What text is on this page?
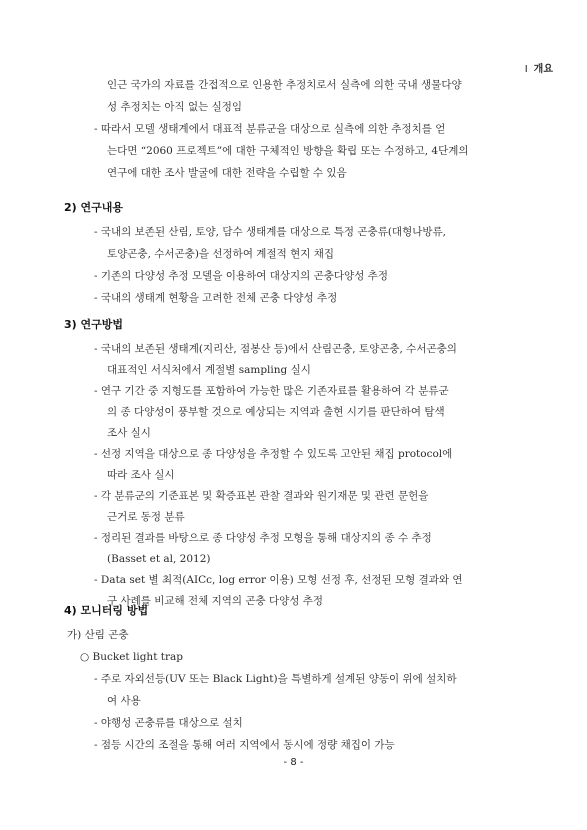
I 개요
인근 국가의 자료를 간접적으로 인용한 추정치로서 실측에 의한 국내 생물다양
성 추정치는 아직 없는 실정임
- 따라서 모델 생태계에서 대표적 분류군을 대상으로 실측에 의한 추정치를 얻
는다면 “2060 프로젝트”에 대한 구체적인 방향을 확립 또는 수정하고, 4단계의
연구에 대한 조사 발굴에 대한 전략을 수립할 수 있음
2) 연구내용
- 국내의 보존된 산림, 토양, 담수 생태계를 대상으로 특정 곤충류(대형나방류,
토양곤충, 수서곤충)을 선정하여 계절적 현지 채집
- 기존의 다양성 추정 모델을 이용하여 대상지의 곤충다양성 추정
- 국내의 생태계 현황을 고려한 전체 곤충 다양성 추정
3) 연구방법
- 국내의 보존된 생태계(지리산, 점봉산 등)에서 산림곤충, 토양곤충, 수서곤충의
대표적인 서식처에서 계절별 sampling 실시
- 연구 기간 중 지형도를 포함하여 가능한 많은 기존자료를 활용하여 각 분류군
의 종 다양성이 풍부할 것으로 예상되는 지역과 출현 시기를 판단하여 탐색
조사 실시
- 선정 지역을 대상으로 종 다양성을 추정할 수 있도록 고안된 채집 protocol에
따라 조사 실시
- 각 분류군의 기준표본 및 확증표본 관찰 결과와 원기재문 및 관련 문헌을
근거로 동정 분류
- 정리된 결과를 바탕으로 종 다양성 추정 모형을 통해 대상지의 종 수 추정
(Basset et al, 2012)
- Data set 별 최적(AICc, log error 이용) 모형 선정 후, 선정된 모형 결과와 연
구 사례를 비교해 전체 지역의 곤충 다양성 추정
4) 모니터링 방법
가) 산림 곤충
○ Bucket light trap
- 주로 자외선등(UV 또는 Black Light)을 특별하게 설계된 양동이 위에 설치하
여 사용
- 야행성 곤충류를 대상으로 설치
- 점등 시간의 조절을 통해 여러 지역에서 동시에 정량 채집이 가능
- 8 -
